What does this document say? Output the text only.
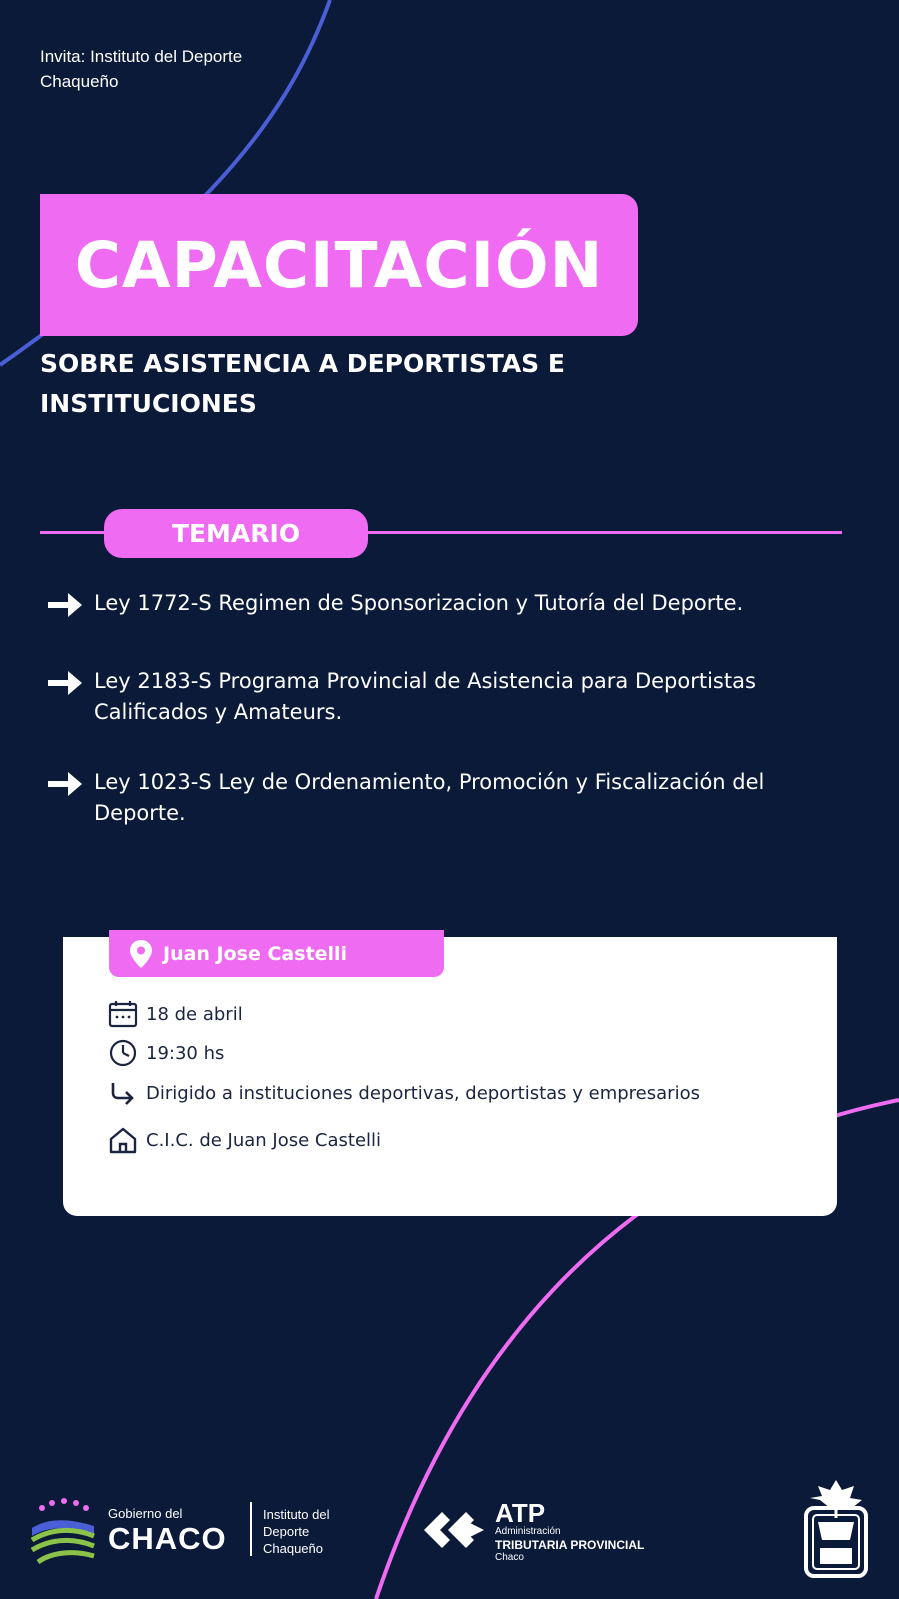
Invita: Instituto del Deporte Chaqueño
CAPACITACIÓN
SOBRE ASISTENCIA A DEPORTISTAS E INSTITUCIONES
TEMARIO
Ley 1772-S Regimen de Sponsorizacion y Tutoría del Deporte.
Ley 2183-S Programa Provincial de Asistencia para Deportistas Calificados y Amateurs.
Ley 1023-S Ley de Ordenamiento, Promoción y Fiscalización del Deporte.
Juan Jose Castelli
18 de abril
19:30 hs
Dirigido a instituciones deportivas, deportistas y empresarios
C.I.C. de Juan Jose Castelli
Gobierno del
CHACO
Instituto del Deporte Chaqueño
ATP
Administración
TRIBUTARIA PROVINCIAL
Chaco
